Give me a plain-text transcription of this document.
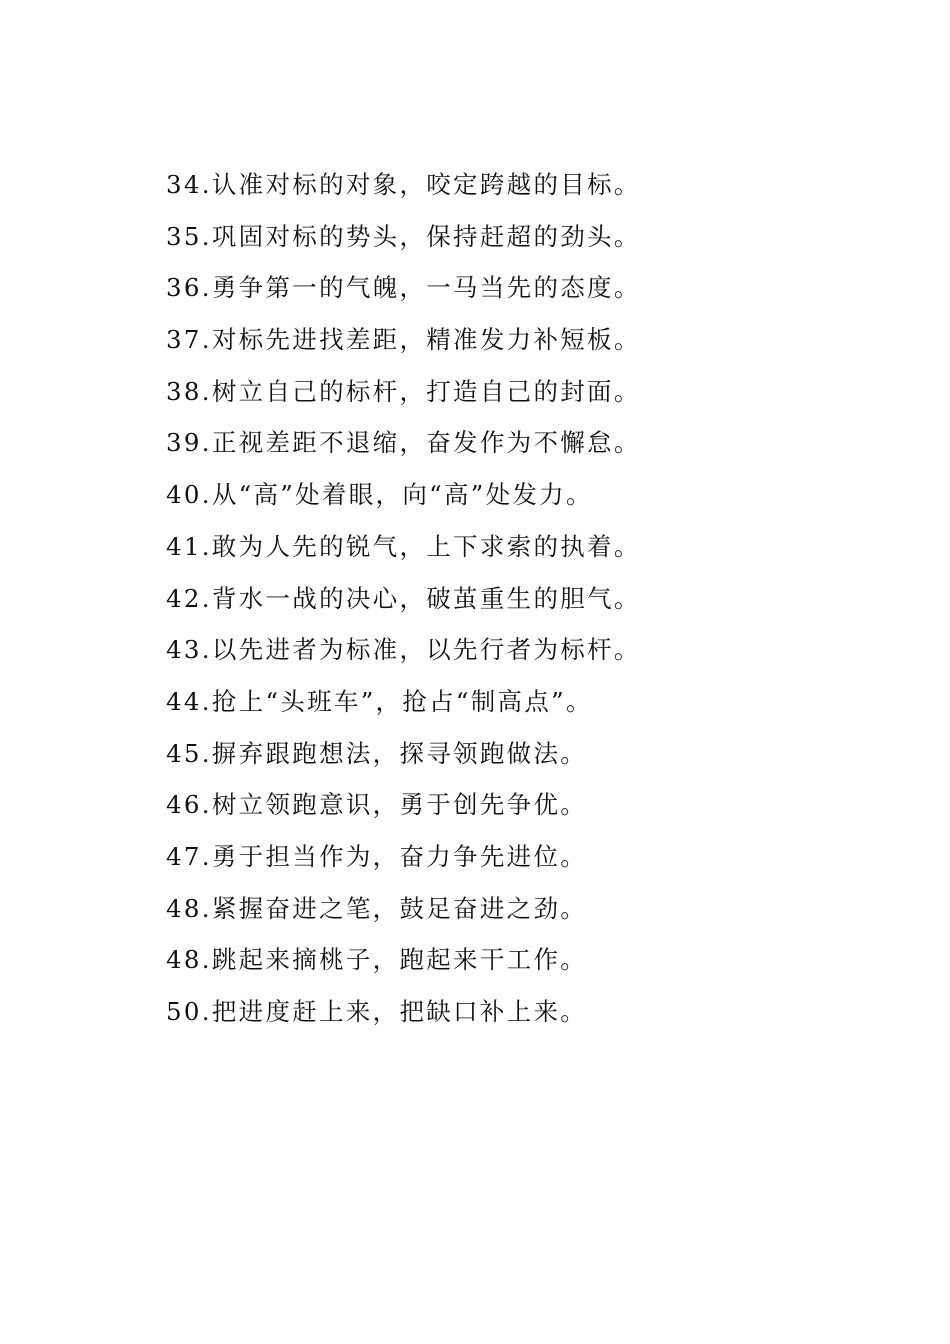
34.认准对标的对象，咬定跨越的目标。
35.巩固对标的势头，保持赶超的劲头。
36.勇争第一的气魄，一马当先的态度。
37.对标先进找差距，精准发力补短板。
38.树立自己的标杆，打造自己的封面。
39.正视差距不退缩，奋发作为不懈怠。
40.从“高”处着眼，向“高”处发力。
41.敢为人先的锐气，上下求索的执着。
42.背水一战的决心，破茧重生的胆气。
43.以先进者为标准，以先行者为标杆。
44.抢上“头班车”，抢占“制高点”。
45.摒弃跟跑想法，探寻领跑做法。
46.树立领跑意识，勇于创先争优。
47.勇于担当作为，奋力争先进位。
48.紧握奋进之笔，鼓足奋进之劲。
48.跳起来摘桃子，跑起来干工作。
50.把进度赶上来，把缺口补上来。
